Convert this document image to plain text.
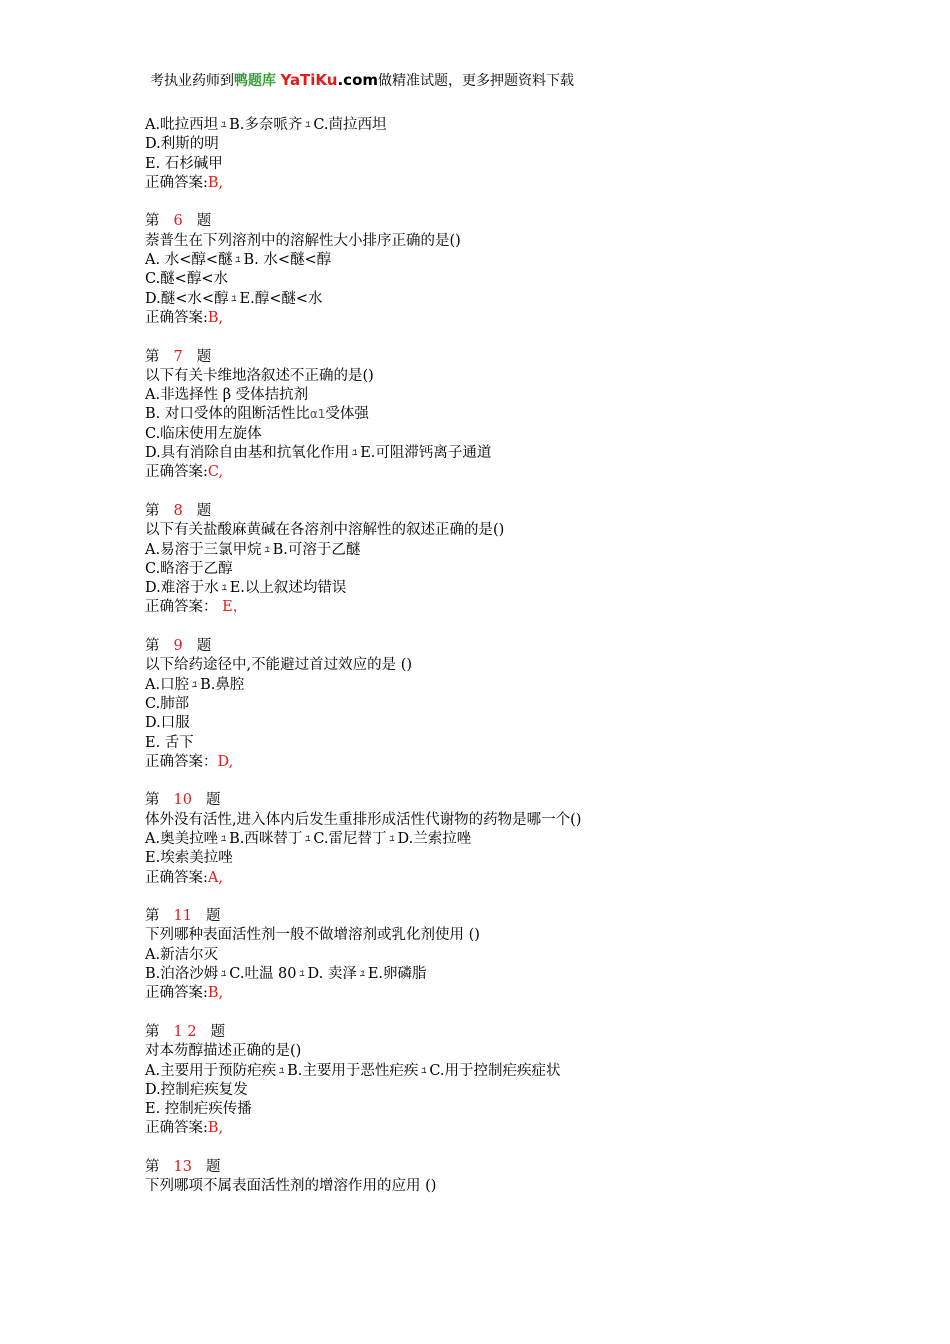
考执业药师到鸭题库 YaTiKu.com做精准试题，更多押题资料下载
A.吡拉西坦 ﾕ B.多奈哌齐 ﾕ C.茴拉西坦
D.利斯的明
E. 石杉碱甲
正确答案:B,
第 6 题
萘普生在下列溶剂中的溶解性大小排序正确的是()
A. 水<醇<醚 ﾕ B. 水<醚<醇
C.醚<醇<水
D.醚<水<醇 ﾕ E.醇<醚<水
正确答案:B,
第 7 题
以下有关卡维地洛叙述不正确的是()
A.非选择性 β 受体拮抗剂
B. 对口受体的阻断活性比α1受体强
C.临床使用左旋体
D.具有消除自由基和抗氧化作用 ﾕ E.可阻滞钙离子通道
正确答案:C,
第 8 题
以下有关盐酸麻黄碱在各溶剂中溶解性的叙述正确的是()
A.易溶于三氯甲烷 ﾕ B.可溶于乙醚
C.略溶于乙醇
D.难溶于水 ﾕ E.以上叙述均错误
正确答案： E，
第 9 题
以下给药途径中,不能避过首过效应的是 ()
A.口腔 ﾕ B.鼻腔
C.肺部
D.口服
E. 舌下
正确答案：D,
第 10 题
体外没有活性,进入体内后发生重排形成活性代谢物的药物是哪一个()
A.奥美拉唑 ﾕ B.西咪替丁 ﾕ C.雷尼替丁 ﾕ D.兰索拉唑
E.埃索美拉唑
正确答案:A,
第 11 题
下列哪种表面活性剂一般不做增溶剂或乳化剂使用 ()
A.新洁尔灭
B.泊洛沙姆 ﾕ C.吐温 80 ﾕ D. 卖泽 ﾕ E.卵磷脂
正确答案:B,
第 1 2 题
对本芴醇描述正确的是()
A.主要用于预防疟疾 ﾕ B.主要用于恶性疟疾 ﾕ C.用于控制疟疾症状
D.控制疟疾复发
E. 控制疟疾传播
正确答案:B,
第 13 题
下列哪项不属表面活性剂的增溶作用的应用 ()
